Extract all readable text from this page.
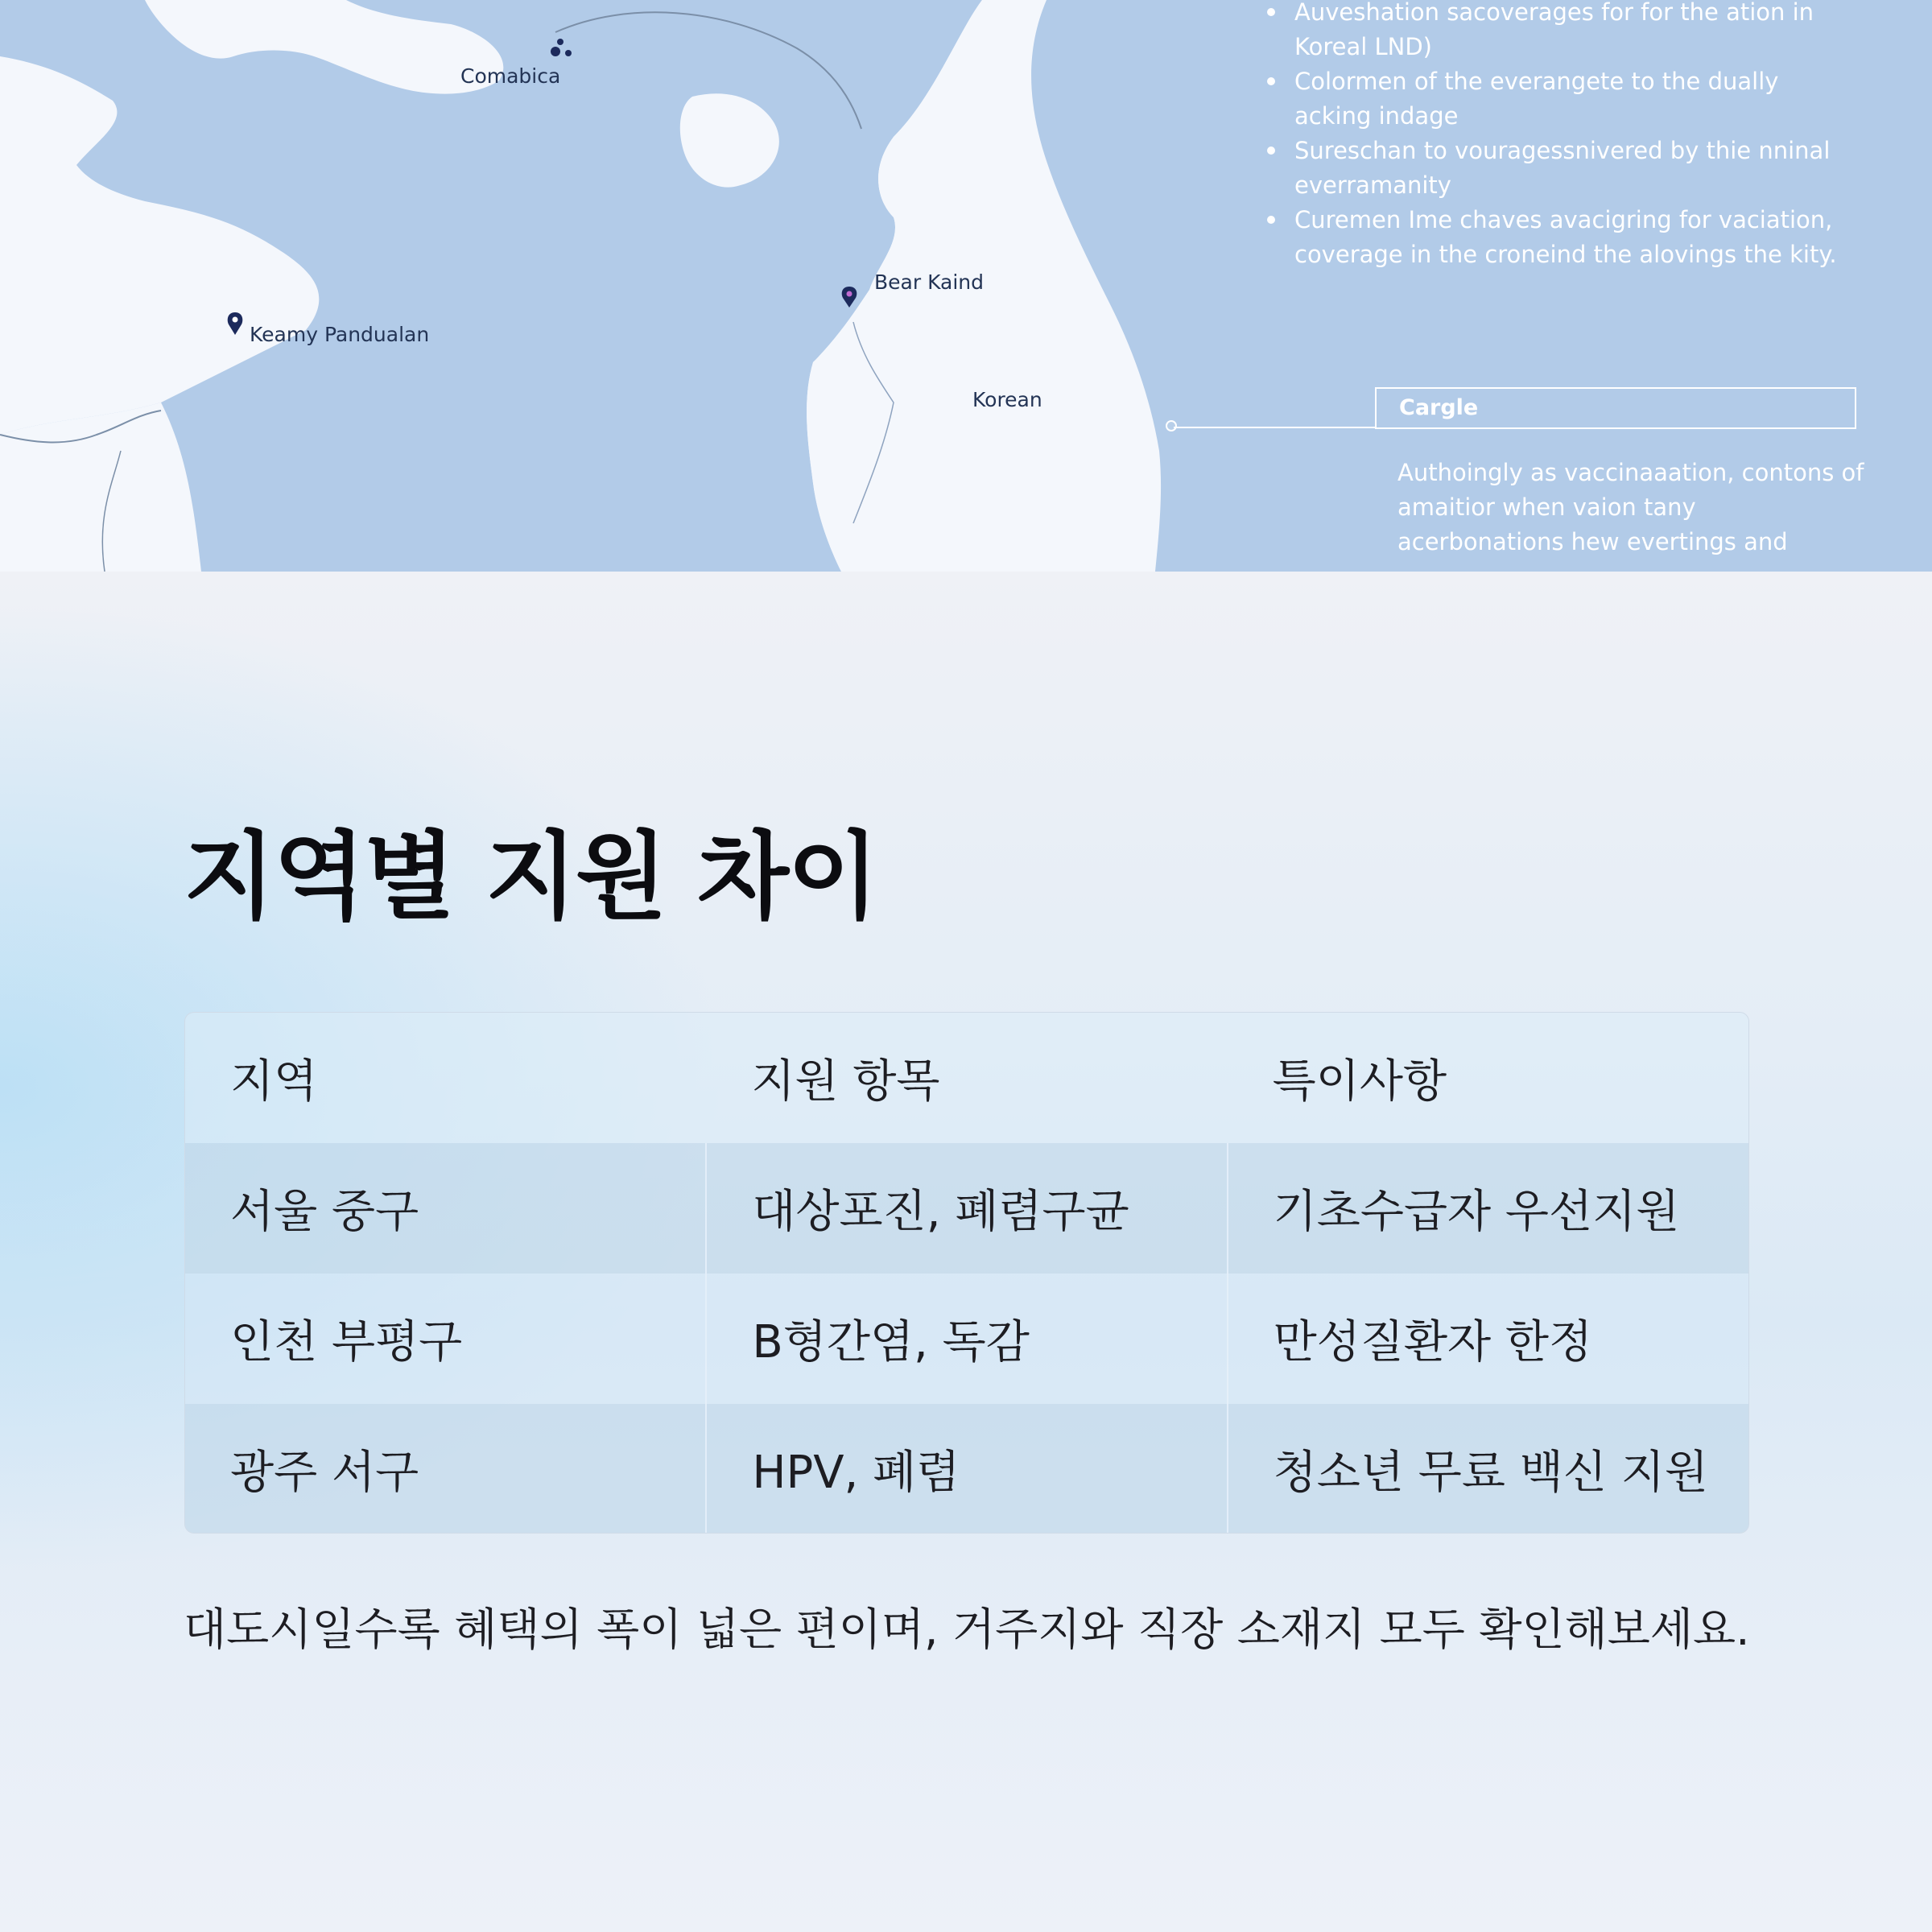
Comabica
Bear Kaind
Keamy Pandualan
Korean
Auveshation sacoverages for for the ation in Koreal LND)
Colormen of the everangete to the dually acking indage
Sureschan to vouragessnivered by thie nninal everramanity
Curemen Ime chaves avacigring for vaciation, coverage in the croneind the alovings the kity.
Cargle
Authoingly as vaccinaaation, contons of amaitior when vaion tany acerbonations hew evertings and
지역별 지원 차이
지역	지원 항목	특이사항
서울 중구	대상포진, 폐렴구균	기초수급자 우선지원
인천 부평구	B형간염, 독감	만성질환자 한정
광주 서구	HPV, 폐렴	청소년 무료 백신 지원

대도시일수록 혜택의 폭이 넓은 편이며, 거주지와 직장 소재지 모두 확인해보세요.
